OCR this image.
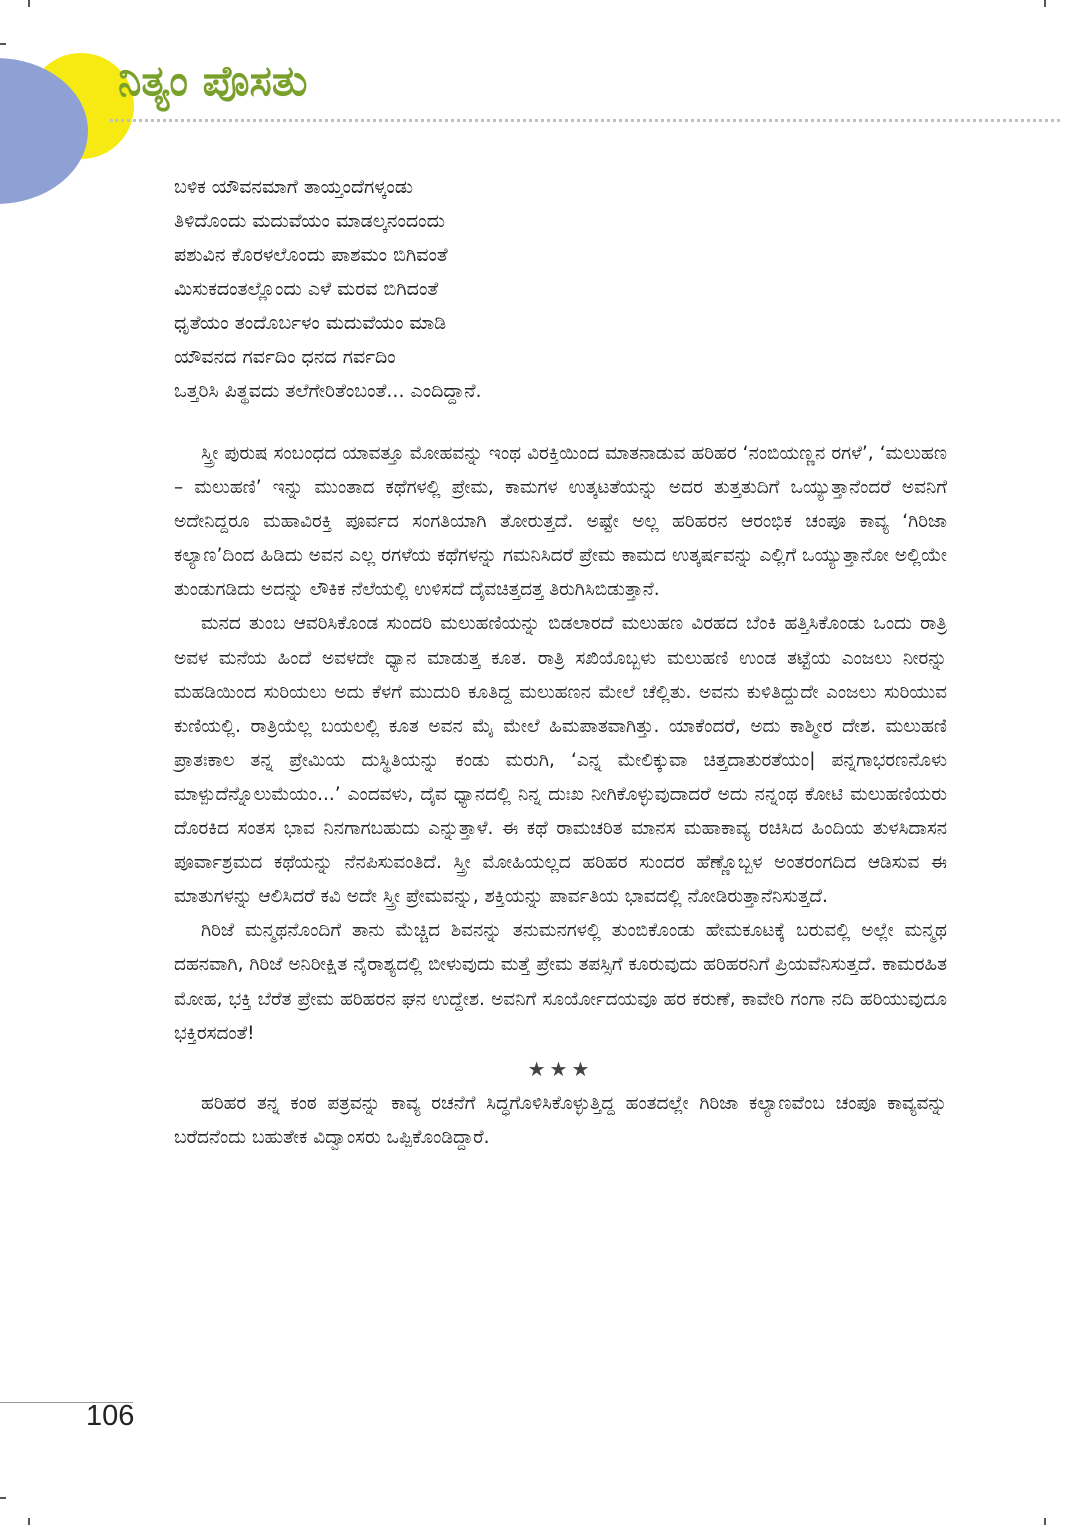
ನಿತ್ಯಂ ಪೊಸತು
ಬಳಿಕ ಯೌವನಮಾಗೆ ತಾಯ್ತಂದೆಗಳ್ಕಂಡು
ತಿಳಿದೊಂದು ಮದುವೆಯಂ ಮಾಡಲ್ಕನಂದಂದು
ಪಶುವಿನ ಕೊರಳಲೊಂದು ಪಾಶಮಂ ಬಿಗಿವಂತೆ
ಮಿಸುಕದಂತಲ್ಲೊಂದು ಎಳೆ ಮರವ ಬಿಗಿದಂತೆ
ಧೃತೆಯಂ ತಂದೊರ್ಬಳಂ ಮದುವೆಯಂ ಮಾಡಿ
ಯೌವನದ ಗರ್ವದಿಂ ಧನದ ಗರ್ವದಿಂ
ಒತ್ತರಿಸಿ ಪಿತ್ಥವದು ತಲೆಗೇರಿತೆಂಬಂತೆ... ಎಂದಿದ್ದಾನೆ.

ಸ್ತ್ರೀ ಪುರುಷ ಸಂಬಂಧದ ಯಾವತ್ತೂ ಮೋಹವನ್ನು ಇಂಥ ವಿರಕ್ತಿಯಿಂದ ಮಾತನಾಡುವ ಹರಿಹರ ‘ನಂಬಿಯಣ್ಣನ ರಗಳೆ’, ‘ಮಲುಹಣ – ಮಲುಹಣಿ’ ಇನ್ನು ಮುಂತಾದ ಕಥೆಗಳಲ್ಲಿ ಪ್ರೇಮ, ಕಾಮಗಳ ಉತ್ಕಟತೆಯನ್ನು ಅದರ ತುತ್ತತುದಿಗೆ ಒಯ್ಯುತ್ತಾನೆಂದರೆ ಅವನಿಗೆ ಅದೇನಿದ್ದರೂ ಮಹಾವಿರಕ್ತಿ ಪೂರ್ವದ ಸಂಗತಿಯಾಗಿ ತೋರುತ್ತದೆ. ಅಷ್ಟೇ ಅಲ್ಲ ಹರಿಹರನ ಆರಂಭಿಕ ಚಂಪೂ ಕಾವ್ಯ ‘ಗಿರಿಜಾ ಕಲ್ಯಾಣ’ದಿಂದ ಹಿಡಿದು ಅವನ ಎಲ್ಲ ರಗಳೆಯ ಕಥೆಗಳನ್ನು ಗಮನಿಸಿದರೆ ಪ್ರೇಮ ಕಾಮದ ಉತ್ಕರ್ಷವನ್ನು ಎಲ್ಲಿಗೆ ಒಯ್ಯುತ್ತಾನೋ ಅಲ್ಲಿಯೇ ತುಂಡುಗಡಿದು ಅದನ್ನು ಲೌಕಿಕ ನೆಲೆಯಲ್ಲಿ ಉಳಿಸದೆ ದೈವಚಿತ್ತದತ್ತ ತಿರುಗಿಸಿಬಿಡುತ್ತಾನೆ.

ಮನದ ತುಂಬ ಆವರಿಸಿಕೊಂಡ ಸುಂದರಿ ಮಲುಹಣಿಯನ್ನು ಬಿಡಲಾರದೆ ಮಲುಹಣ ವಿರಹದ ಬೆಂಕಿ ಹತ್ತಿಸಿಕೊಂಡು ಒಂದು ರಾತ್ರಿ ಅವಳ ಮನೆಯ ಹಿಂದೆ ಅವಳದೇ ಧ್ಯಾನ ಮಾಡುತ್ತ ಕೂತ. ರಾತ್ರಿ ಸಖಿಯೊಬ್ಬಳು ಮಲುಹಣಿ ಉಂಡ ತಟ್ಟೆಯ ಎಂಜಲು ನೀರನ್ನು ಮಹಡಿಯಿಂದ ಸುರಿಯಲು ಅದು ಕೆಳಗೆ ಮುದುರಿ ಕೂತಿದ್ದ ಮಲುಹಣನ ಮೇಲೆ ಚೆಲ್ಲಿತು. ಅವನು ಕುಳಿತಿದ್ದುದೇ ಎಂಜಲು ಸುರಿಯುವ ಕುಣಿಯಲ್ಲಿ. ರಾತ್ರಿಯೆಲ್ಲ ಬಯಲಲ್ಲಿ ಕೂತ ಅವನ ಮೈ ಮೇಲೆ ಹಿಮಪಾತವಾಗಿತ್ತು. ಯಾಕೆಂದರೆ, ಅದು ಕಾಶ್ಮೀರ ದೇಶ. ಮಲುಹಣಿ ಪ್ರಾತಃಕಾಲ ತನ್ನ ಪ್ರೇಮಿಯ ದುಸ್ಥಿತಿಯನ್ನು ಕಂಡು ಮರುಗಿ, ‘ಎನ್ನ ಮೇಲಿಕ್ಕುವಾ ಚಿತ್ತದಾತುರತೆಯಂ| ಪನ್ನಗಾಭರಣನೊಳು ಮಾಳ್ಪುದೆನ್ನೊಲುಮೆಯಂ...’ ಎಂದವಳು, ದೈವ ಧ್ಯಾನದಲ್ಲಿ ನಿನ್ನ ದುಃಖ ನೀಗಿಕೊಳ್ಳುವುದಾದರೆ ಅದು ನನ್ನಂಥ ಕೋಟಿ ಮಲುಹಣಿಯರು ದೊರಕಿದ ಸಂತಸ ಭಾವ ನಿನಗಾಗಬಹುದು ಎನ್ನುತ್ತಾಳೆ. ಈ ಕಥೆ ರಾಮಚರಿತ ಮಾನಸ ಮಹಾಕಾವ್ಯ ರಚಿಸಿದ ಹಿಂದಿಯ ತುಳಸಿದಾಸನ ಪೂರ್ವಾಶ್ರಮದ ಕಥೆಯನ್ನು ನೆನಪಿಸುವಂತಿದೆ. ಸ್ತ್ರೀ ಮೋಹಿಯಲ್ಲದ ಹರಿಹರ ಸುಂದರ ಹೆಣ್ಣೊಬ್ಬಳ ಅಂತರಂಗದಿದ ಆಡಿಸುವ ಈ ಮಾತುಗಳನ್ನು ಆಲಿಸಿದರೆ ಕವಿ ಅದೇ ಸ್ತ್ರೀ ಪ್ರೇಮವನ್ನು, ಶಕ್ತಿಯನ್ನು ಪಾರ್ವತಿಯ ಭಾವದಲ್ಲಿ ನೋಡಿರುತ್ತಾನೆನಿಸುತ್ತದೆ.

ಗಿರಿಜೆ ಮನ್ಮಥನೊಂದಿಗೆ ತಾನು ಮೆಚ್ಚಿದ ಶಿವನನ್ನು ತನುಮನಗಳಲ್ಲಿ ತುಂಬಿಕೊಂಡು ಹೇಮಕೂಟಕ್ಕೆ ಬರುವಲ್ಲಿ ಅಲ್ಲೇ ಮನ್ಮಥ ದಹನವಾಗಿ, ಗಿರಿಜೆ ಅನಿರೀಕ್ಷಿತ ನೈರಾಶ್ಯದಲ್ಲಿ ಬೀಳುವುದು ಮತ್ತೆ ಪ್ರೇಮ ತಪಸ್ಸಿಗೆ ಕೂರುವುದು ಹರಿಹರನಿಗೆ ಪ್ರಿಯವೆನಿಸುತ್ತದೆ. ಕಾಮರಹಿತ ಮೋಹ, ಭಕ್ತಿ ಬೆರೆತ ಪ್ರೇಮ ಹರಿಹರನ ಘನ ಉದ್ದೇಶ. ಅವನಿಗೆ ಸೂರ್ಯೋದಯವೂ ಹರ ಕರುಣೆ, ಕಾವೇರಿ ಗಂಗಾ ನದಿ ಹರಿಯುವುದೂ ಭಕ್ತಿರಸದಂತೆ!

★★★

ಹರಿಹರ ತನ್ನ ಕಂಠ ಪತ್ರವನ್ನು ಕಾವ್ಯ ರಚನೆಗೆ ಸಿದ್ಧಗೊಳಿಸಿಕೊಳ್ಳುತ್ತಿದ್ದ ಹಂತದಲ್ಲೇ ಗಿರಿಜಾ ಕಲ್ಯಾಣವೆಂಬ ಚಂಪೂ ಕಾವ್ಯವನ್ನು ಬರೆದನೆಂದು ಬಹುತೇಕ ವಿದ್ವಾಂಸರು ಒಪ್ಪಿಕೊಂಡಿದ್ದಾರೆ.

106
